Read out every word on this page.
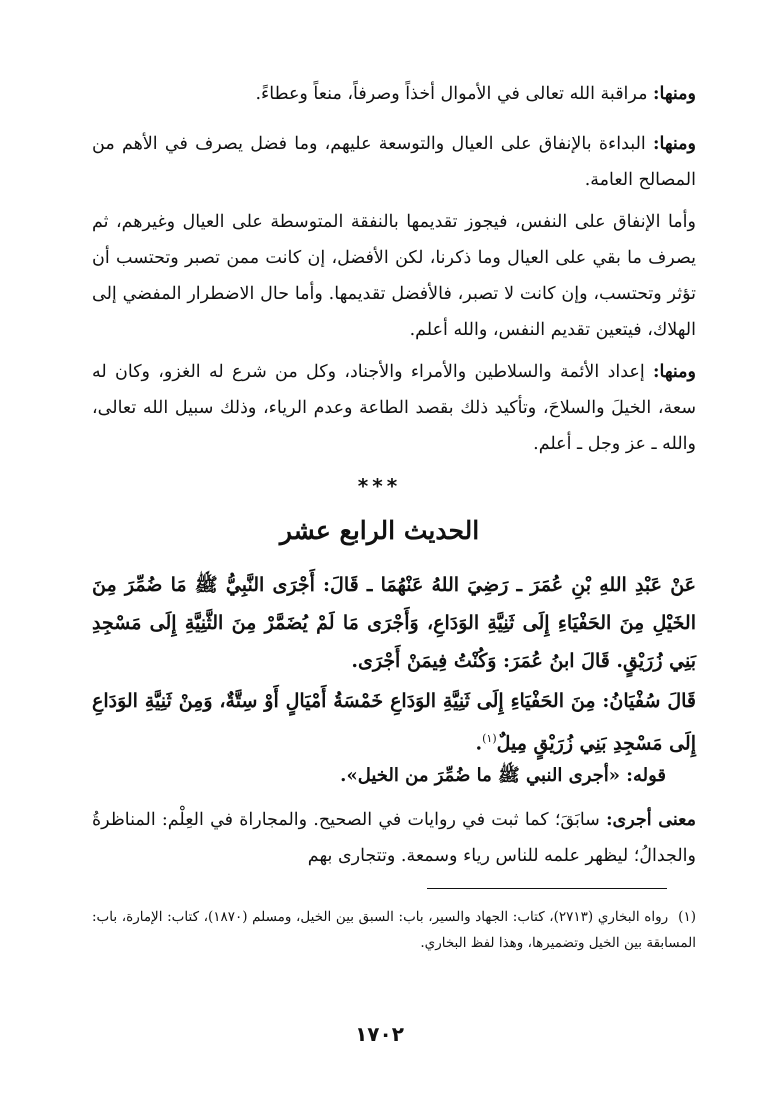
ومنها: مراقبة الله تعالى في الأموال أخذاً وصرفاً، منعاً وعطاءً.

ومنها: البداءة بالإنفاق على العيال والتوسعة عليهم، وما فضل يصرف في الأهم من المصالح العامة.

وأما الإنفاق على النفس، فيجوز تقديمها بالنفقة المتوسطة على العيال وغيرهم، ثم يصرف ما بقي على العيال وما ذكرنا، لكن الأفضل، إن كانت ممن تصبر وتحتسب أن تؤثر وتحتسب، وإن كانت لا تصبر، فالأفضل تقديمها. وأما حال الاضطرار المفضي إلى الهلاك، فيتعين تقديم النفس، والله أعلم.

ومنها: إعداد الأئمة والسلاطين والأمراء والأجناد، وكل من شرع له الغزو، وكان له سعة، الخيلَ والسلاحَ، وتأكيد ذلك بقصد الطاعة وعدم الرياء، وذلك سبيل الله تعالى، والله ـ عز وجل ـ أعلم.

***
الحديث الرابع عشر

عَنْ عَبْدِ اللهِ بْنِ عُمَرَ ـ رَضِيَ اللهُ عَنْهُمَا ـ قَالَ: أَجْرَى النَّبِيُّ ﷺ مَا ضُمِّرَ مِنَ الخَيْلِ مِنَ الحَفْيَاءِ إِلَى ثَنِيَّةِ الوَدَاعِ، وَأَجْرَى مَا لَمْ يُضَمَّرْ مِنَ الثَّنِيَّةِ إِلَى مَسْجِدِ بَنِي زُرَيْقٍ. قَالَ ابنُ عُمَرَ: وَكُنْتُ فِيمَنْ أَجْرَى.

قَالَ سُفْيَانُ: مِنَ الحَفْيَاءِ إِلَى ثَنِيَّةِ الوَدَاعِ خَمْسَةُ أَمْيَالٍ أَوْ سِتَّةٌ، وَمِنْ ثَنِيَّةِ الوَدَاعِ إِلَى مَسْجِدِ بَنِي زُرَيْقٍ مِيلٌ$^{(١)}$.

قوله: «أجرى النبي ﷺ ما ضُمِّرَ من الخيل».

معنى أجرى: سابَقَ؛ كما ثبت في روايات في الصحيح. والمجاراة في العِلْم: المناظرةُ والجدالُ؛ ليظهر علمه للناس رياء وسمعة. وتتجارى بهم

(١)رواه البخاري (٢٧١٣)، كتاب: الجهاد والسير، باب: السبق بين الخيل، ومسلم (١٨٧٠)، كتاب: الإمارة، باب: المسابقة بين الخيل وتضميرها، وهذا لفظ البخاري.

١٧٠٢
